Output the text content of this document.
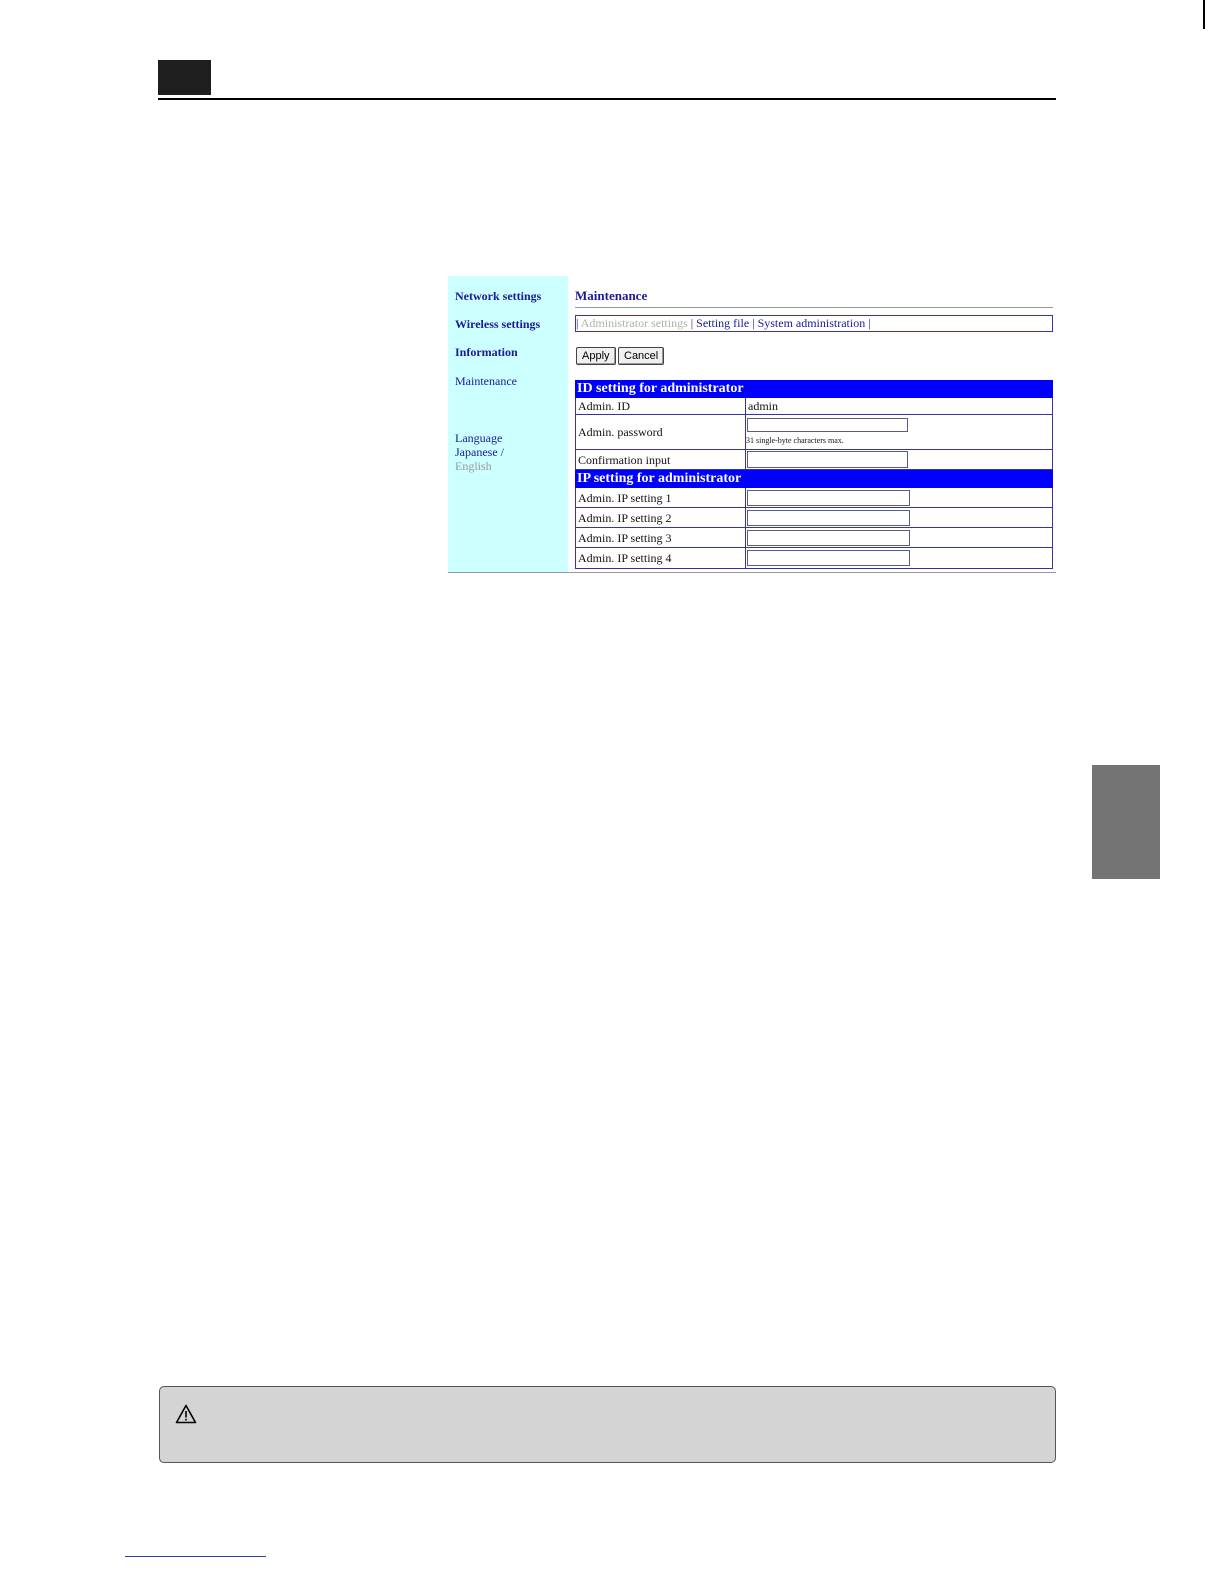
Network settings
Wireless settings
Information
Maintenance
Language
Japanese /
English
Maintenance
| Administrator settings | Setting file | System administration |
Apply	Cancel
ID setting for administrator
Admin. ID	admin
Admin. password
31 single-byte characters max.
Confirmation input
IP setting for administrator
Admin. IP setting 1
Admin. IP setting 2
Admin. IP setting 3
Admin. IP setting 4
